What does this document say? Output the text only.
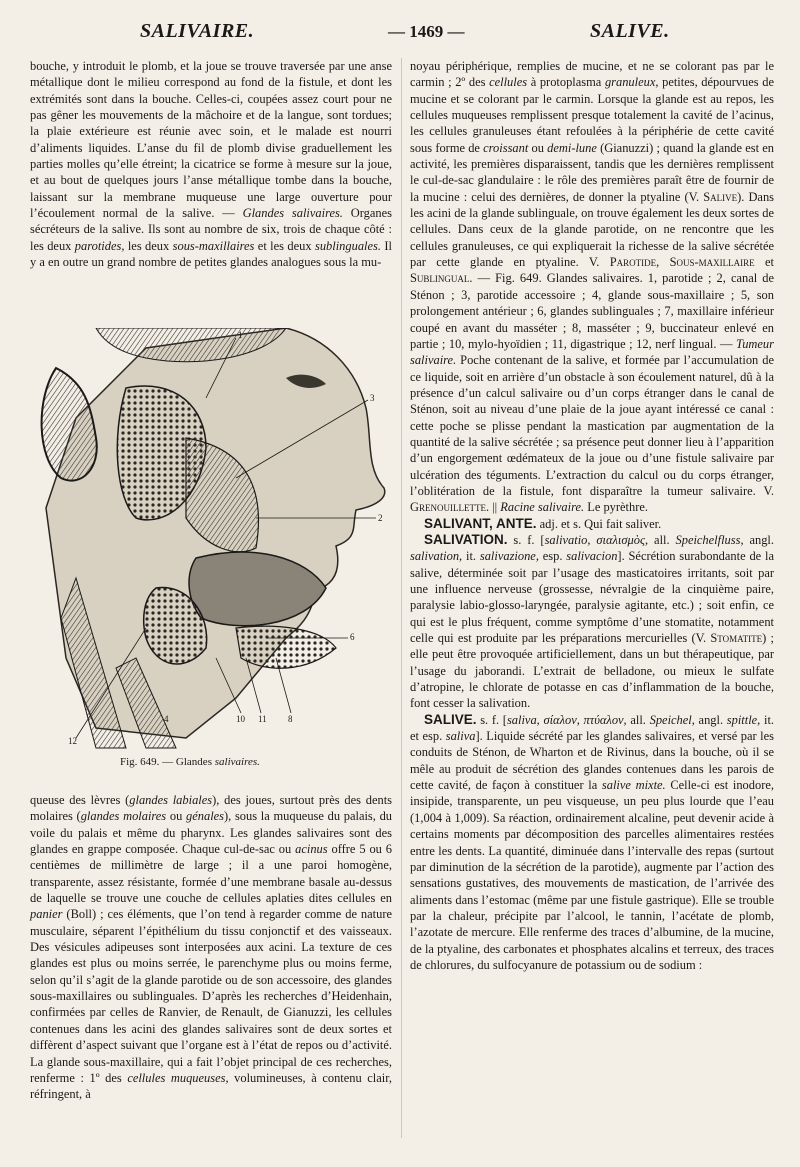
SALIVAIRE.	— 1469 —	SALIVE.

bouche, y introduit le plomb, et la joue se trouve traversée par une anse métallique dont le milieu correspond au fond de la fistule, et dont les extrémités sont dans la bouche. Celles-ci, coupées assez court pour ne pas gêner les mouvements de la mâchoire et de la langue, sont tordues; la plaie extérieure est réunie avec soin, et le malade est nourri d’aliments liquides. L’anse du fil de plomb divise graduellement les parties molles qu’elle étreint; la cicatrice se forme à mesure sur la joue, et au bout de quelques jours l’anse métallique tombe dans la bouche, laissant sur la membrane muqueuse une large ouverture pour l’écoulement normal de la salive. — Glandes salivaires. Organes sécréteurs de la salive. Ils sont au nombre de six, trois de chaque côté : les deux parotides, les deux sous-maxillaires et les deux sublinguales. Il y a en outre un grand nombre de petites glandes analogues sous la mu-

1
2
3
6
10 11 8
12
4
Fig. 649. — Glandes salivaires.

queuse des lèvres (glandes labiales), des joues, surtout près des dents molaires (glandes molaires ou génales), sous la muqueuse du palais, du voile du palais et même du pharynx. Les glandes salivaires sont des glandes en grappe composée. Chaque cul-de-sac ou acinus offre 5 ou 6 centièmes de millimètre de large ; il a une paroi homogène, transparente, assez résistante, formée d’une membrane basale au-dessus de laquelle se trouve une couche de cellules aplaties dites cellules en panier (Boll) ; ces éléments, que l’on tend à regarder comme de nature musculaire, séparent l’épithélium du tissu conjonctif et des vaisseaux. Des vésicules adipeuses sont interposées aux acini. La texture de ces glandes est plus ou moins serrée, le parenchyme plus ou moins ferme, selon qu’il s’agit de la glande parotide ou de son accessoire, des glandes sous-maxillaires ou sublinguales. D’après les recherches d’Heidenhain, confirmées par celles de Ranvier, de Renault, de Gianuzzi, les cellules contenues dans les acini des glandes salivaires sont de deux sortes et diffèrent d’aspect suivant que l’organe est à l’état de repos ou d’activité. La glande sous-maxillaire, qui a fait l’objet principal de ces recherches, renferme : 1º des cellules muqueuses, volumineuses, à contenu clair, réfringent, à

noyau périphérique, remplies de mucine, et ne se colorant pas par le carmin ; 2º des cellules à protoplasma granuleux, petites, dépourvues de mucine et se colorant par le carmin. Lorsque la glande est au repos, les cellules muqueuses remplissent presque totalement la cavité de l’acinus, les cellules granuleuses étant refoulées à la périphérie de cette cavité sous forme de croissant ou demi-lune (Gianuzzi) ; quand la glande est en activité, les premières disparaissent, tandis que les dernières remplissent le cul-de-sac glandulaire : le rôle des premières paraît être de fournir de la mucine : celui des dernières, de donner la ptyaline (V. Salive). Dans les acini de la glande sublinguale, on trouve également les deux sortes de cellules. Dans ceux de la glande parotide, on ne rencontre que les cellules granuleuses, ce qui expliquerait la richesse de la salive sécrétée par cette glande en ptyaline. V. Parotide, Sous-maxillaire et Sublingual. — Fig. 649. Glandes salivaires. 1, parotide ; 2, canal de Sténon ; 3, parotide accessoire ; 4, glande sous-maxillaire ; 5, son prolongement antérieur ; 6, glandes sublinguales ; 7, maxillaire inférieur coupé en avant du masséter ; 8, masséter ; 9, buccinateur enlevé en partie ; 10, mylo-hyoïdien ; 11, digastrique ; 12, nerf lingual. — Tumeur salivaire. Poche contenant de la salive, et formée par l’accumulation de ce liquide, soit en arrière d’un obstacle à son écoulement naturel, dû à la présence d’un calcul salivaire ou d’un corps étranger dans le canal de Sténon, soit au niveau d’une plaie de la joue ayant intéressé ce canal : cette poche se plisse pendant la mastication par augmentation de la quantité de la salive sécrétée ; sa présence peut donner lieu à l’apparition d’un engorgement œdémateux de la joue ou d’une fistule salivaire par ulcération des téguments. L’extraction du calcul ou du corps étranger, l’oblitération de la fistule, font disparaître la tumeur salivaire. V. Grenouillette. || Racine salivaire. Le pyrèthre.

SALIVANT, ANTE. adj. et s. Qui fait saliver.

SALIVATION. s. f. [salivatio, σιαλισμὸς, all. Speichelfluss, angl. salivation, it. salivazione, esp. salivacion]. Sécrétion surabondante de la salive, déterminée soit par l’usage des masticatoires irritants, soit par une influence nerveuse (grossesse, névralgie de la cinquième paire, paralysie labio-glosso-laryngée, paralysie agitante, etc.) ; soit enfin, ce qui est le plus fréquent, comme symptôme d’une stomatite, notamment celle qui est produite par les préparations mercurielles (V. Stomatite) ; elle peut être provoquée artificiellement, dans un but thérapeutique, par l’usage du jaborandi. L’extrait de belladone, ou mieux le sulfate d’atropine, le chlorate de potasse en cas d’inflammation de la bouche, font cesser la salivation.

SALIVE. s. f. [saliva, σίαλον, πτύαλον, all. Speichel, angl. spittle, it. et esp. saliva]. Liquide sécrété par les glandes salivaires, et versé par les conduits de Sténon, de Wharton et de Rivinus, dans la bouche, où il se mêle au produit de sécrétion des glandes contenues dans les parois de cette cavité, de façon à constituer la salive mixte. Celle-ci est inodore, insipide, transparente, un peu visqueuse, un peu plus lourde que l’eau (1,004 à 1,009). Sa réaction, ordinairement alcaline, peut devenir acide à certains moments par décomposition des parcelles alimentaires restées entre les dents. La quantité, diminuée dans l’intervalle des repas (surtout par diminution de la sécrétion de la parotide), augmente par l’action des sensations gustatives, des mouvements de mastication, de l’arrivée des aliments dans l’estomac (même par une fistule gastrique). Elle se trouble par la chaleur, précipite par l’alcool, le tannin, l’acétate de plomb, l’azotate de mercure. Elle renferme des traces d’albumine, de la mucine, de la ptyaline, des carbonates et phosphates alcalins et terreux, des traces de chlorures, du sulfocyanure de potassium ou de sodium :
